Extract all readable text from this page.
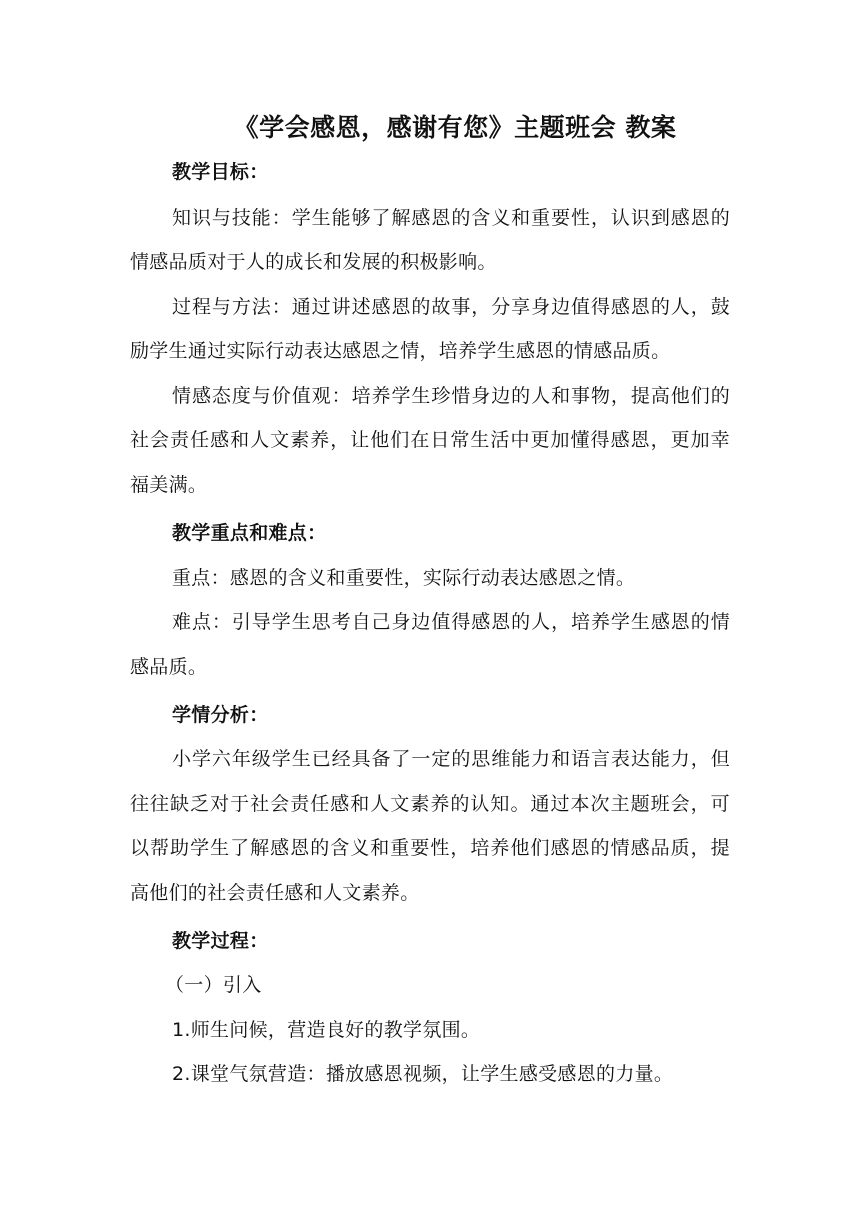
《学会感恩，感谢有您》主题班会 教案
教学目标：
知识与技能：学生能够了解感恩的含义和重要性，认识到感恩的
情感品质对于人的成长和发展的积极影响。
过程与方法：通过讲述感恩的故事，分享身边值得感恩的人，鼓
励学生通过实际行动表达感恩之情，培养学生感恩的情感品质。
情感态度与价值观：培养学生珍惜身边的人和事物，提高他们的
社会责任感和人文素养，让他们在日常生活中更加懂得感恩，更加幸
福美满。
教学重点和难点：
重点：感恩的含义和重要性，实际行动表达感恩之情。
难点：引导学生思考自己身边值得感恩的人，培养学生感恩的情
感品质。
学情分析：
小学六年级学生已经具备了一定的思维能力和语言表达能力，但
往往缺乏对于社会责任感和人文素养的认知。通过本次主题班会，可
以帮助学生了解感恩的含义和重要性，培养他们感恩的情感品质，提
高他们的社会责任感和人文素养。
教学过程：
（一）引入
1.师生问候，营造良好的教学氛围。
2.课堂气氛营造：播放感恩视频，让学生感受感恩的力量。
